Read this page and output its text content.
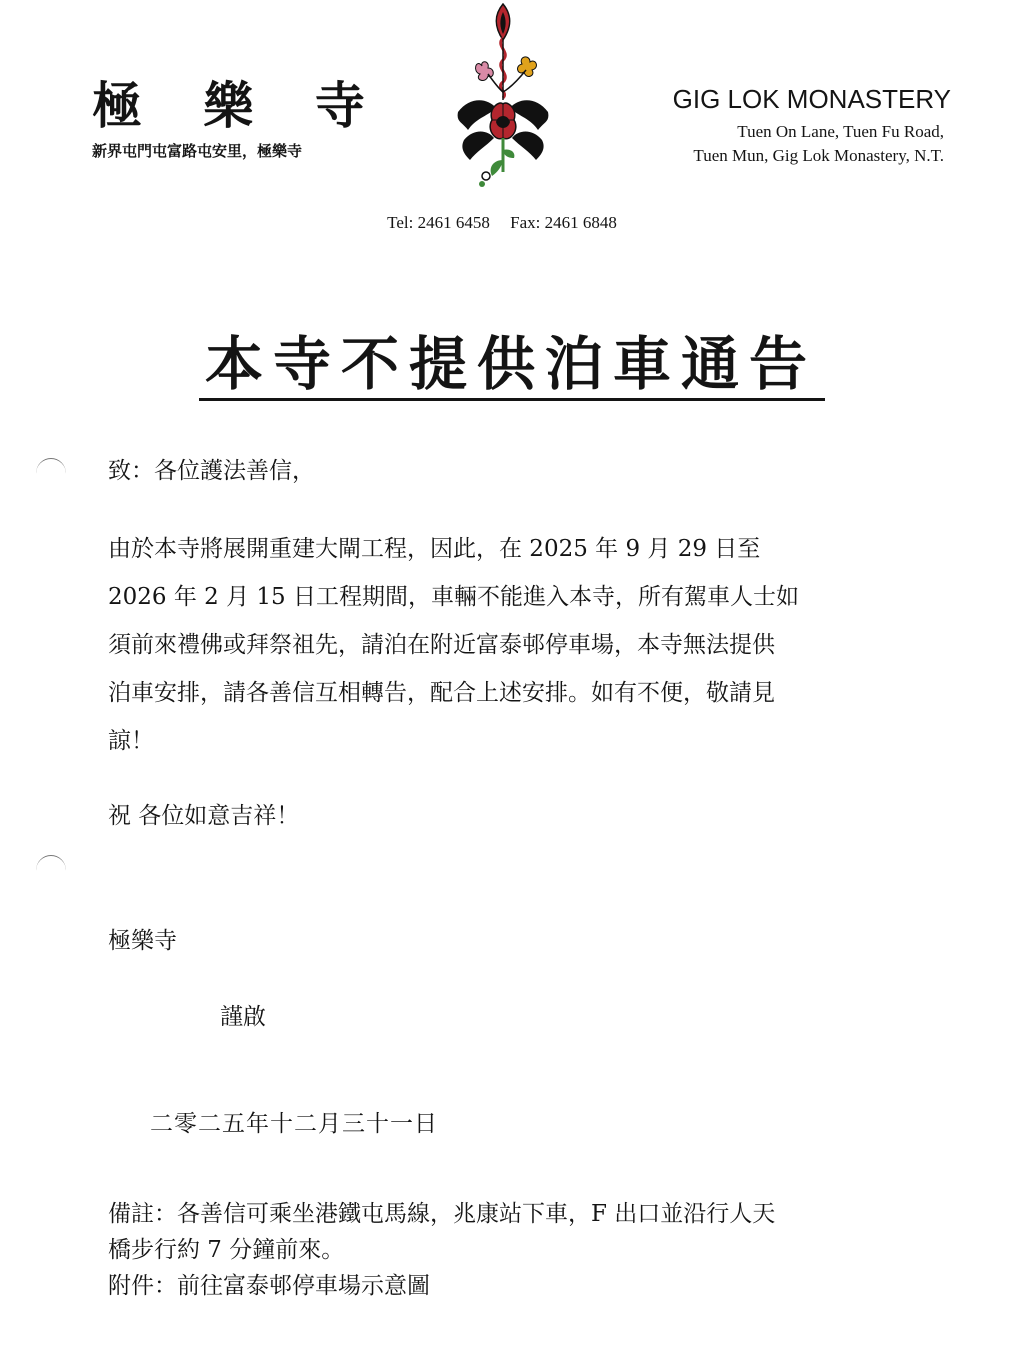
極 樂 寺
新界屯門屯富路屯安里，極樂寺
GIG LOK MONASTERY
Tuen On Lane, Tuen Fu Road,
Tuen Mun, Gig Lok Monastery, N.T.
Tel: 2461 6458 Fax: 2461 6848
本寺不提供泊車通告
致：各位護法善信，
由於本寺將展開重建大閘工程，因此，在 2025 年 9 月 29 日至
2026 年 2 月 15 日工程期間，車輛不能進入本寺，所有駕車人士如
須前來禮佛或拜祭祖先，請泊在附近富泰邨停車場，本寺無法提供
泊車安排，請各善信互相轉告，配合上述安排。如有不便，敬請見
諒！
祝 各位如意吉祥！
極樂寺
謹啟
二零二五年十二月三十一日
備註：各善信可乘坐港鐵屯馬線，兆康站下車，F 出口並沿行人天
橋步行約 7 分鐘前來。
附件：前往富泰邨停車場示意圖
